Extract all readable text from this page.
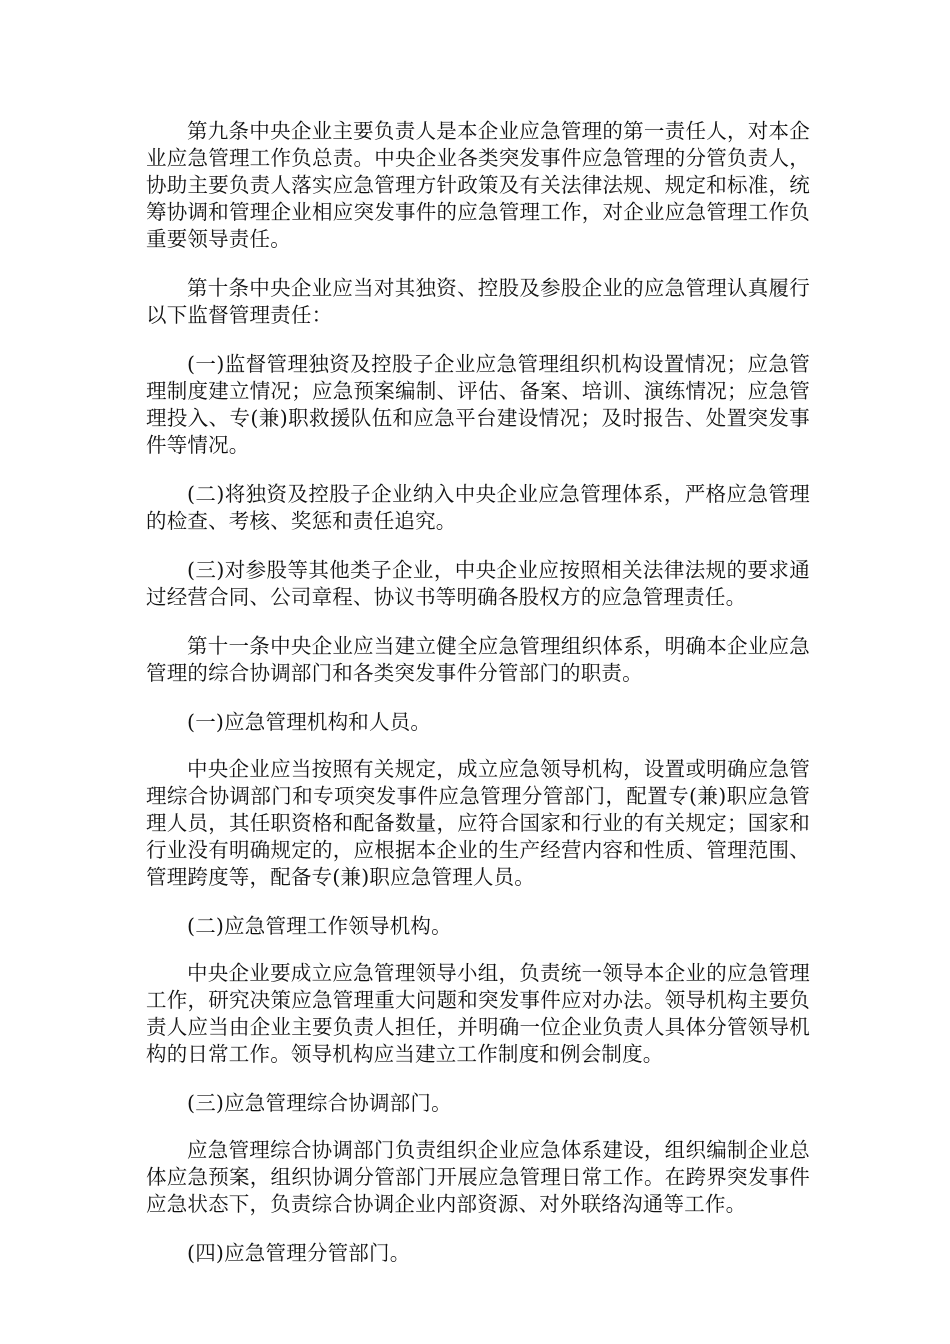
第九条中央企业主要负责人是本企业应急管理的第一责任人，对本企业应急管理工作负总责。中央企业各类突发事件应急管理的分管负责人，协助主要负责人落实应急管理方针政策及有关法律法规、规定和标准，统筹协调和管理企业相应突发事件的应急管理工作，对企业应急管理工作负重要领导责任。

第十条中央企业应当对其独资、控股及参股企业的应急管理认真履行以下监督管理责任：

(一)监督管理独资及控股子企业应急管理组织机构设置情况；应急管理制度建立情况；应急预案编制、评估、备案、培训、演练情况；应急管理投入、专(兼)职救援队伍和应急平台建设情况；及时报告、处置突发事件等情况。

(二)将独资及控股子企业纳入中央企业应急管理体系，严格应急管理的检查、考核、奖惩和责任追究。

(三)对参股等其他类子企业，中央企业应按照相关法律法规的要求通过经营合同、公司章程、协议书等明确各股权方的应急管理责任。

第十一条中央企业应当建立健全应急管理组织体系，明确本企业应急管理的综合协调部门和各类突发事件分管部门的职责。

(一)应急管理机构和人员。

中央企业应当按照有关规定，成立应急领导机构，设置或明确应急管理综合协调部门和专项突发事件应急管理分管部门，配置专(兼)职应急管理人员，其任职资格和配备数量，应符合国家和行业的有关规定；国家和行业没有明确规定的，应根据本企业的生产经营内容和性质、管理范围、管理跨度等，配备专(兼)职应急管理人员。

(二)应急管理工作领导机构。

中央企业要成立应急管理领导小组，负责统一领导本企业的应急管理工作，研究决策应急管理重大问题和突发事件应对办法。领导机构主要负责人应当由企业主要负责人担任，并明确一位企业负责人具体分管领导机构的日常工作。领导机构应当建立工作制度和例会制度。

(三)应急管理综合协调部门。

应急管理综合协调部门负责组织企业应急体系建设，组织编制企业总体应急预案，组织协调分管部门开展应急管理日常工作。在跨界突发事件应急状态下，负责综合协调企业内部资源、对外联络沟通等工作。

(四)应急管理分管部门。
